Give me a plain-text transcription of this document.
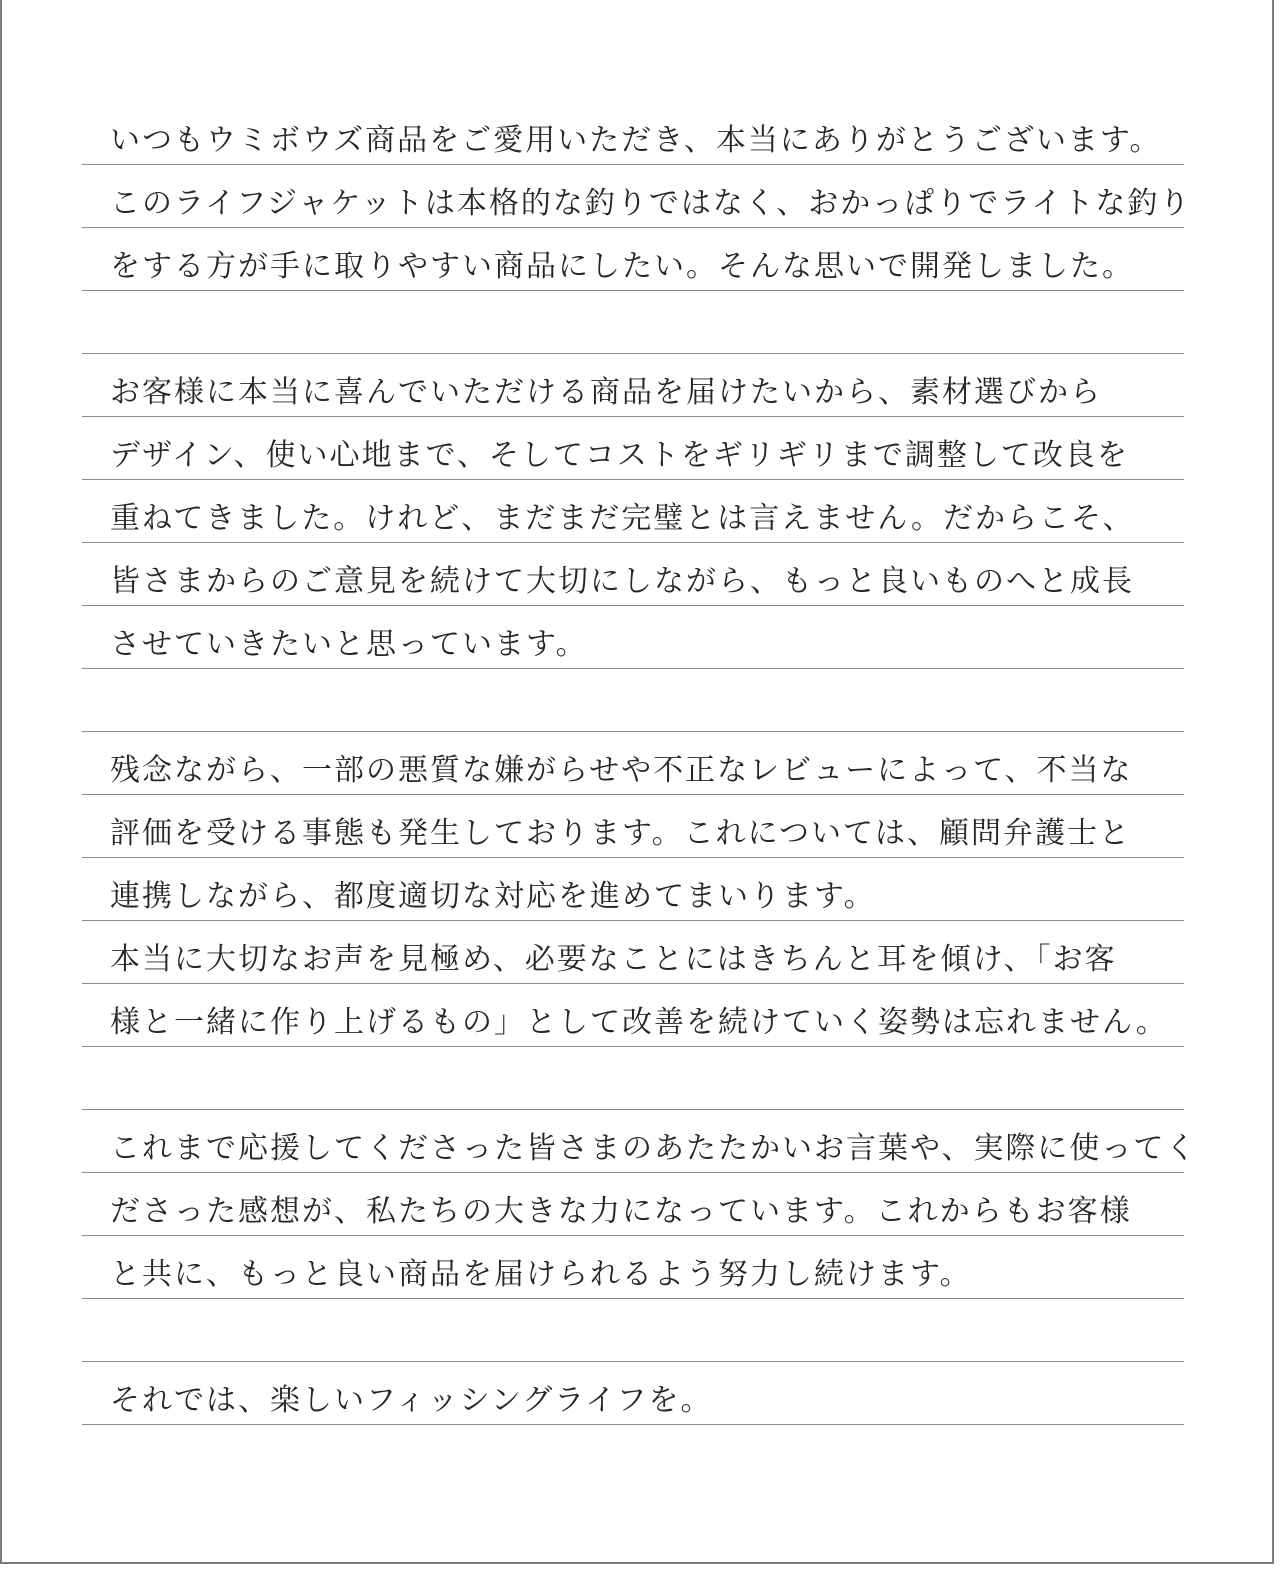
いつもウミボウズ商品をご愛用いただき、本当にありがとうございます。
このライフジャケットは本格的な釣りではなく、おかっぱりでライトな釣り
をする方が手に取りやすい商品にしたい。そんな思いで開発しました。
お客様に本当に喜んでいただける商品を届けたいから、素材選びから
デザイン、使い心地まで、そしてコストをギリギリまで調整して改良を
重ねてきました。けれど、まだまだ完璧とは言えません。だからこそ、
皆さまからのご意見を続けて大切にしながら、もっと良いものへと成長
させていきたいと思っています。
残念ながら、一部の悪質な嫌がらせや不正なレビューによって、不当な
評価を受ける事態も発生しております。これについては、顧問弁護士と
連携しながら、都度適切な対応を進めてまいります。
本当に大切なお声を見極め、必要なことにはきちんと耳を傾け、「お客
様と一緒に作り上げるもの」として改善を続けていく姿勢は忘れません。
これまで応援してくださった皆さまのあたたかいお言葉や、実際に使ってく
ださった感想が、私たちの大きな力になっています。これからもお客様
と共に、もっと良い商品を届けられるよう努力し続けます。
それでは、楽しいフィッシングライフを。
